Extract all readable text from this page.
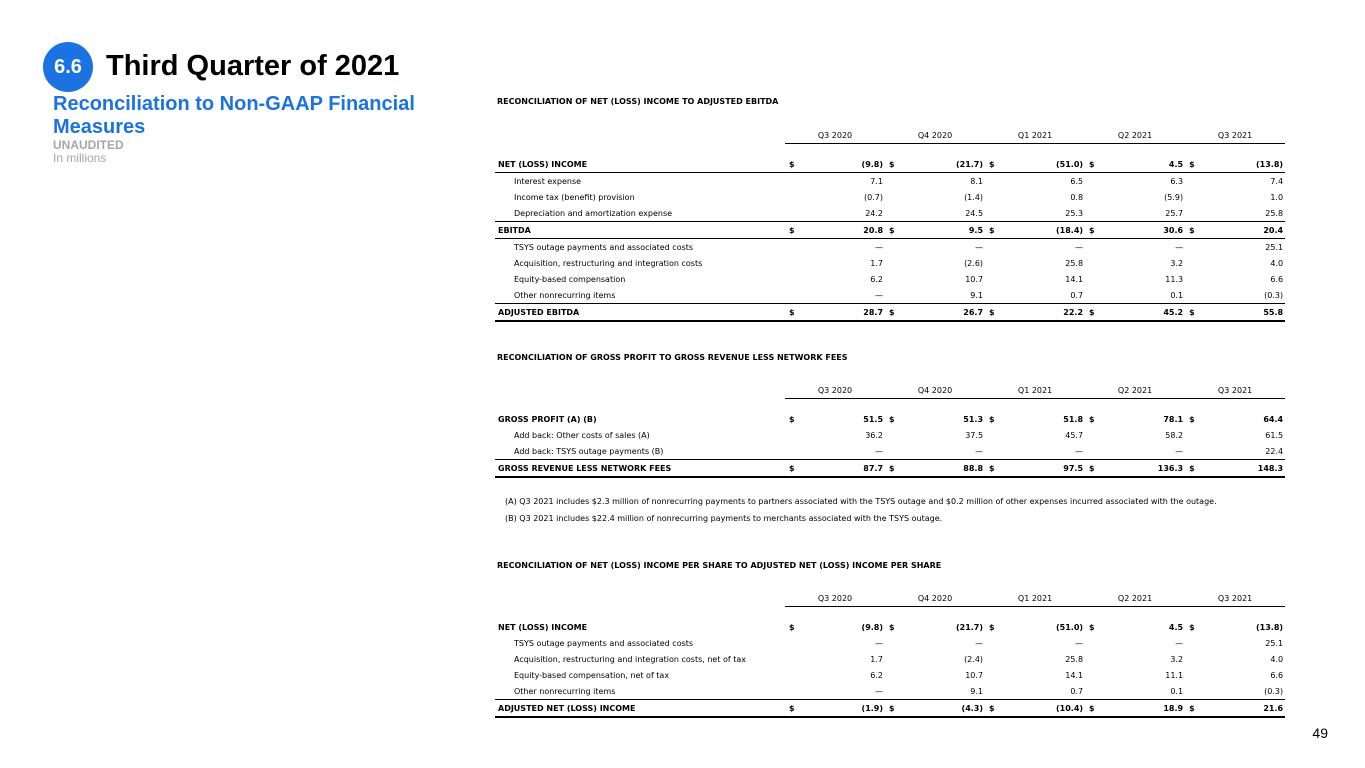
6.6 Third Quarter of 2021
Reconciliation to Non-GAAP Financial Measures
UNAUDITED
In millions
49
RECONCILIATION OF NET (LOSS) INCOME TO ADJUSTED EBITDA
	Q3 2020		Q4 2020		Q1 2021		Q2 2021		Q3 2021	

NET (LOSS) INCOME	$	(9.8)	$	(21.7)	$	(51.0)	$	4.5	$	(13.8)
Interest expense		7.1		8.1		6.5		6.3		7.4
Income tax (benefit) provision		(0.7)		(1.4)		0.8		(5.9)		1.0
Depreciation and amortization expense		24.2		24.5		25.3		25.7		25.8
EBITDA	$	20.8	$	9.5	$	(18.4)	$	30.6	$	20.4
TSYS outage payments and associated costs		—		—		—		—		25.1
Acquisition, restructuring and integration costs		1.7		(2.6)		25.8		3.2		4.0
Equity-based compensation		6.2		10.7		14.1		11.3		6.6
Other nonrecurring items		—		9.1		0.7		0.1		(0.3)
ADJUSTED EBITDA	$	28.7	$	26.7	$	22.2	$	45.2	$	55.8
RECONCILIATION OF GROSS PROFIT TO GROSS REVENUE LESS NETWORK FEES
	Q3 2020		Q4 2020		Q1 2021		Q2 2021		Q3 2021	

GROSS PROFIT (A) (B)	$	51.5	$	51.3	$	51.8	$	78.1	$	64.4
Add back: Other costs of sales (A)		36.2		37.5		45.7		58.2		61.5
Add back: TSYS outage payments (B)		—		—		—		—		22.4
GROSS REVENUE LESS NETWORK FEES	$	87.7	$	88.8	$	97.5	$	136.3	$	148.3
(A) Q3 2021 includes $2.3 million of nonrecurring payments to partners associated with the TSYS outage and $0.2 million of other expenses incurred associated with the outage.
(B) Q3 2021 includes $22.4 million of nonrecurring payments to merchants associated with the TSYS outage.
RECONCILIATION OF NET (LOSS) INCOME PER SHARE TO ADJUSTED NET (LOSS) INCOME PER SHARE
	Q3 2020		Q4 2020		Q1 2021		Q2 2021		Q3 2021	

NET (LOSS) INCOME	$	(9.8)	$	(21.7)	$	(51.0)	$	4.5	$	(13.8)
TSYS outage payments and associated costs		—		—		—		—		25.1
Acquisition, restructuring and integration costs, net of tax		1.7		(2.4)		25.8		3.2		4.0
Equity-based compensation, net of tax		6.2		10.7		14.1		11.1		6.6
Other nonrecurring items		—		9.1		0.7		0.1		(0.3)
ADJUSTED NET (LOSS) INCOME	$	(1.9)	$	(4.3)	$	(10.4)	$	18.9	$	21.6
